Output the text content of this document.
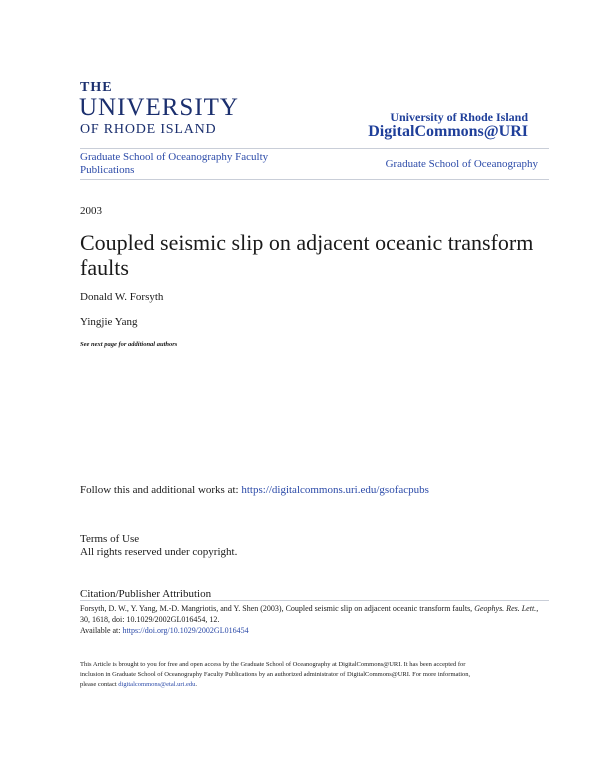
THE
UNIVERSITY
OF RHODE ISLAND
University of Rhode Island
DigitalCommons@URI
Graduate School of Oceanography Faculty Publications	Graduate School of Oceanography
2003
Coupled seismic slip on adjacent oceanic transform faults
Donald W. Forsyth
Yingjie Yang
See next page for additional authors
Follow this and additional works at: https://digitalcommons.uri.edu/gsofacpubs
Terms of Use
All rights reserved under copyright.
Citation/Publisher Attribution
Forsyth, D. W., Y. Yang, M.-D. Mangriotis, and Y. Shen (2003), Coupled seismic slip on adjacent oceanic transform faults, Geophys. Res. Lett., 30, 1618, doi: 10.1029/2002GL016454, 12.
Available at: https://doi.org/10.1029/2002GL016454
This Article is brought to you for free and open access by the Graduate School of Oceanography at DigitalCommons@URI. It has been accepted for
inclusion in Graduate School of Oceanography Faculty Publications by an authorized administrator of DigitalCommons@URI. For more information,
please contact digitalcommons@etal.uri.edu.
